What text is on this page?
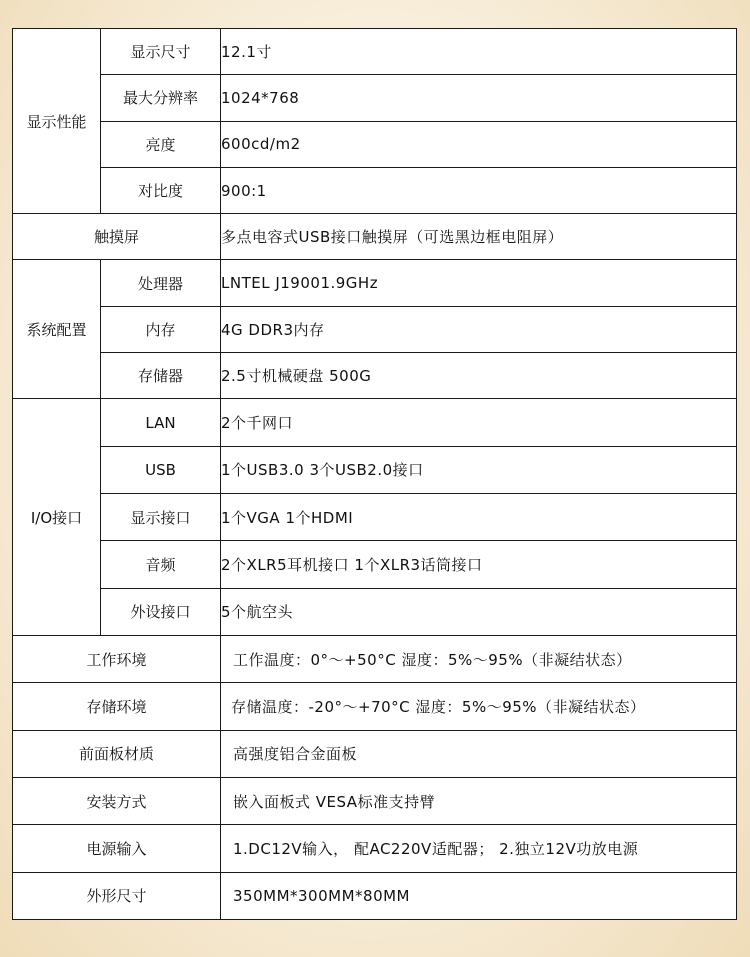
显示性能	显示尺寸	12.1寸
	最大分辨率	1024*768
	亮度	600cd/m2
	对比度	900:1
触摸屏		多点电容式USB接口触摸屏（可选黑边框电阻屏）
系统配置	处理器	LNTEL J19001.9GHz
	内存	4G DDR3内存
	存储器	2.5寸机械硬盘 500G
I/O接口	LAN	2个千网口
	USB	1个USB3.0 3个USB2.0接口
	显示接口	1个VGA 1个HDMI
	音频	2个XLR5耳机接口 1个XLR3话筒接口
	外设接口	5个航空头
工作环境		工作温度：0°～+50°C 湿度：5%～95%（非凝结状态）
存储环境		存储温度：-20°～+70°C 湿度：5%～95%（非凝结状态）
前面板材质		高强度铝合金面板
安装方式		嵌入面板式 VESA标准支持臂
电源输入		1.DC12V输入， 配AC220V适配器； 2.独立12V功放电源
外形尺寸		350MM*300MM*80MM
